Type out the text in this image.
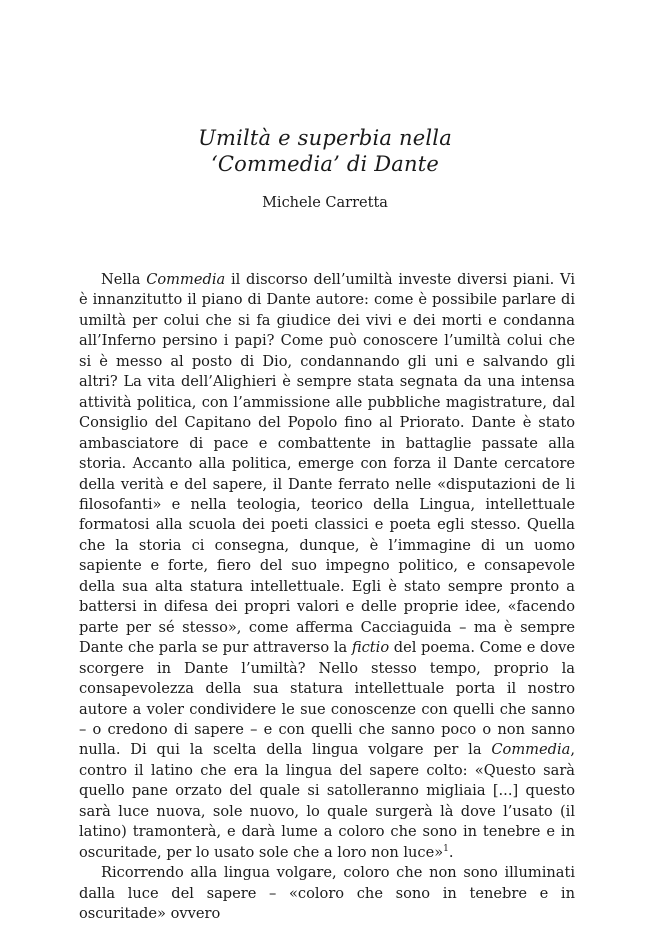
Umiltà e superbia nella
‘Commedia’ di Dante
Michele Carretta

Nella Commedia il discorso dell’umiltà investe diversi piani. Vi è innanzitutto il piano di Dante autore: come è possibile parlare di umiltà per colui che si fa giudice dei vivi e dei morti e condanna all’Inferno persino i papi? Come può conoscere l’umiltà colui che si è messo al posto di Dio, condannando gli uni e salvando gli altri? La vita dell’Alighieri è sempre stata segnata da una intensa attività politica, con l’ammissione alle pubbliche magistrature, dal Consiglio del Capitano del Popolo fino al Priorato. Dante è stato ambasciatore di pace e combattente in battaglie passate alla storia. Accanto alla politica, emerge con forza il Dante cercatore della verità e del sapere, il Dante ferrato nelle «disputazioni de li filosofanti» e nella teologia, teorico della Lingua, intellettuale formatosi alla scuola dei poeti classici e poeta egli stesso. Quella che la storia ci consegna, dunque, è l’immagine di un uomo sapiente e forte, fiero del suo impegno politico, e consapevole della sua alta statura intellettuale. Egli è stato sempre pronto a battersi in difesa dei propri valori e delle proprie idee, «facendo parte per sé stesso», come afferma Cacciaguida – ma è sempre Dante che parla se pur attraverso la fictio del poema. Come e dove scorgere in Dante l’umiltà? Nello stesso tempo, proprio la consapevolezza della sua statura intellettuale porta il nostro autore a voler condividere le sue conoscenze con quelli che sanno – o credono di sapere – e con quelli che sanno poco o non sanno nulla. Di qui la scelta della lingua volgare per la Commedia, contro il latino che era la lingua del sapere colto: «Questo sarà quello pane orzato del quale si satolleranno migliaia [...] questo sarà luce nuova, sole nuovo, lo quale surgerà là dove l’usato (il latino) tramonterà, e darà lume a coloro che sono in tenebre e in oscuritade, per lo usato sole che a loro non luce»$^1$.

Ricorrendo alla lingua volgare, coloro che non sono illuminati dalla luce del sapere – «coloro che sono in tenebre e in oscuritade» ovvero
